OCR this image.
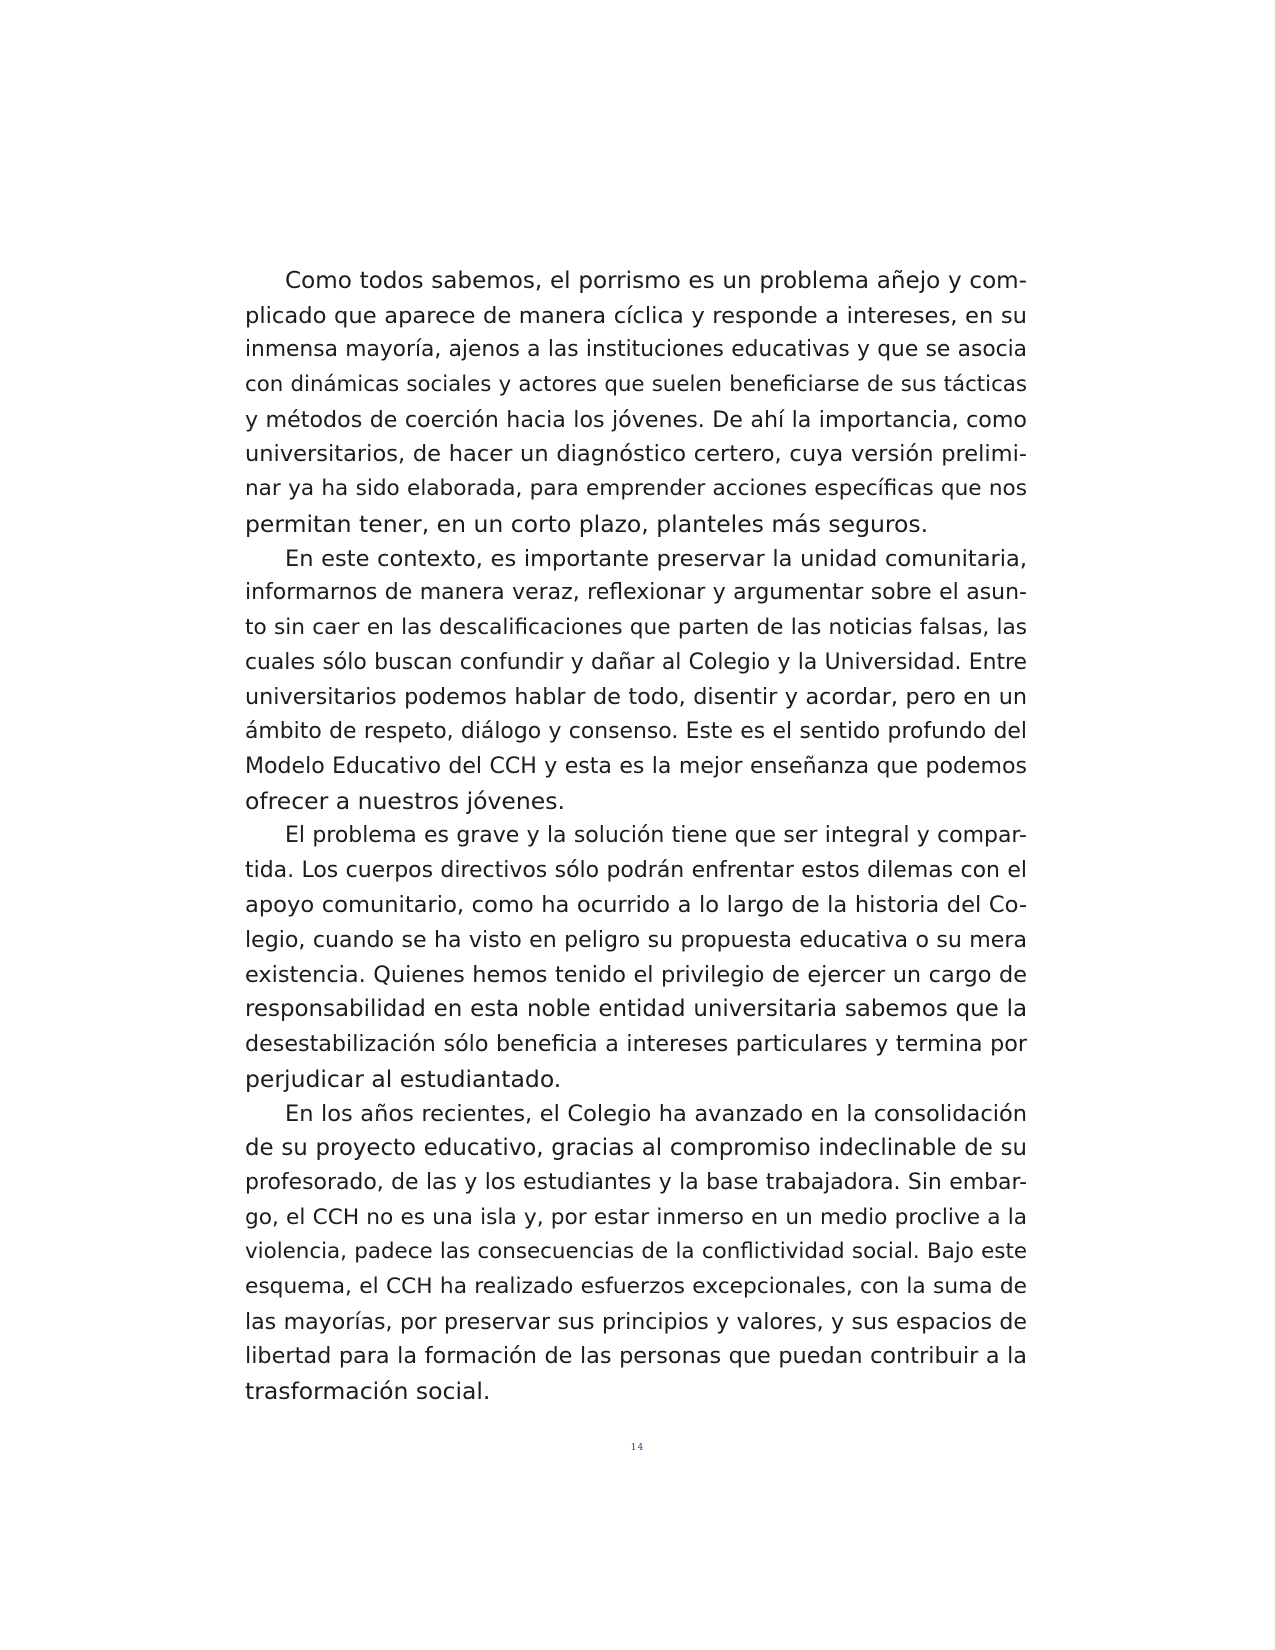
Como todos sabemos, el porrismo es un problema añejo y com-
plicado que aparece de manera cíclica y responde a intereses, en su
inmensa mayoría, ajenos a las instituciones educativas y que se asocia
con dinámicas sociales y actores que suelen beneficiarse de sus tácticas
y métodos de coerción hacia los jóvenes. De ahí la importancia, como
universitarios, de hacer un diagnóstico certero, cuya versión prelimi-
nar ya ha sido elaborada, para emprender acciones específicas que nos
permitan tener, en un corto plazo, planteles más seguros.
En este contexto, es importante preservar la unidad comunitaria,
informarnos de manera veraz, reflexionar y argumentar sobre el asun-
to sin caer en las descalificaciones que parten de las noticias falsas, las
cuales sólo buscan confundir y dañar al Colegio y la Universidad. Entre
universitarios podemos hablar de todo, disentir y acordar, pero en un
ámbito de respeto, diálogo y consenso. Este es el sentido profundo del
Modelo Educativo del CCH y esta es la mejor enseñanza que podemos
ofrecer a nuestros jóvenes.
El problema es grave y la solución tiene que ser integral y compar-
tida. Los cuerpos directivos sólo podrán enfrentar estos dilemas con el
apoyo comunitario, como ha ocurrido a lo largo de la historia del Co-
legio, cuando se ha visto en peligro su propuesta educativa o su mera
existencia. Quienes hemos tenido el privilegio de ejercer un cargo de
responsabilidad en esta noble entidad universitaria sabemos que la
desestabilización sólo beneficia a intereses particulares y termina por
perjudicar al estudiantado.
En los años recientes, el Colegio ha avanzado en la consolidación
de su proyecto educativo, gracias al compromiso indeclinable de su
profesorado, de las y los estudiantes y la base trabajadora. Sin embar-
go, el CCH no es una isla y, por estar inmerso en un medio proclive a la
violencia, padece las consecuencias de la conflictividad social. Bajo este
esquema, el CCH ha realizado esfuerzos excepcionales, con la suma de
las mayorías, por preservar sus principios y valores, y sus espacios de
libertad para la formación de las personas que puedan contribuir a la
trasformación social.
14
